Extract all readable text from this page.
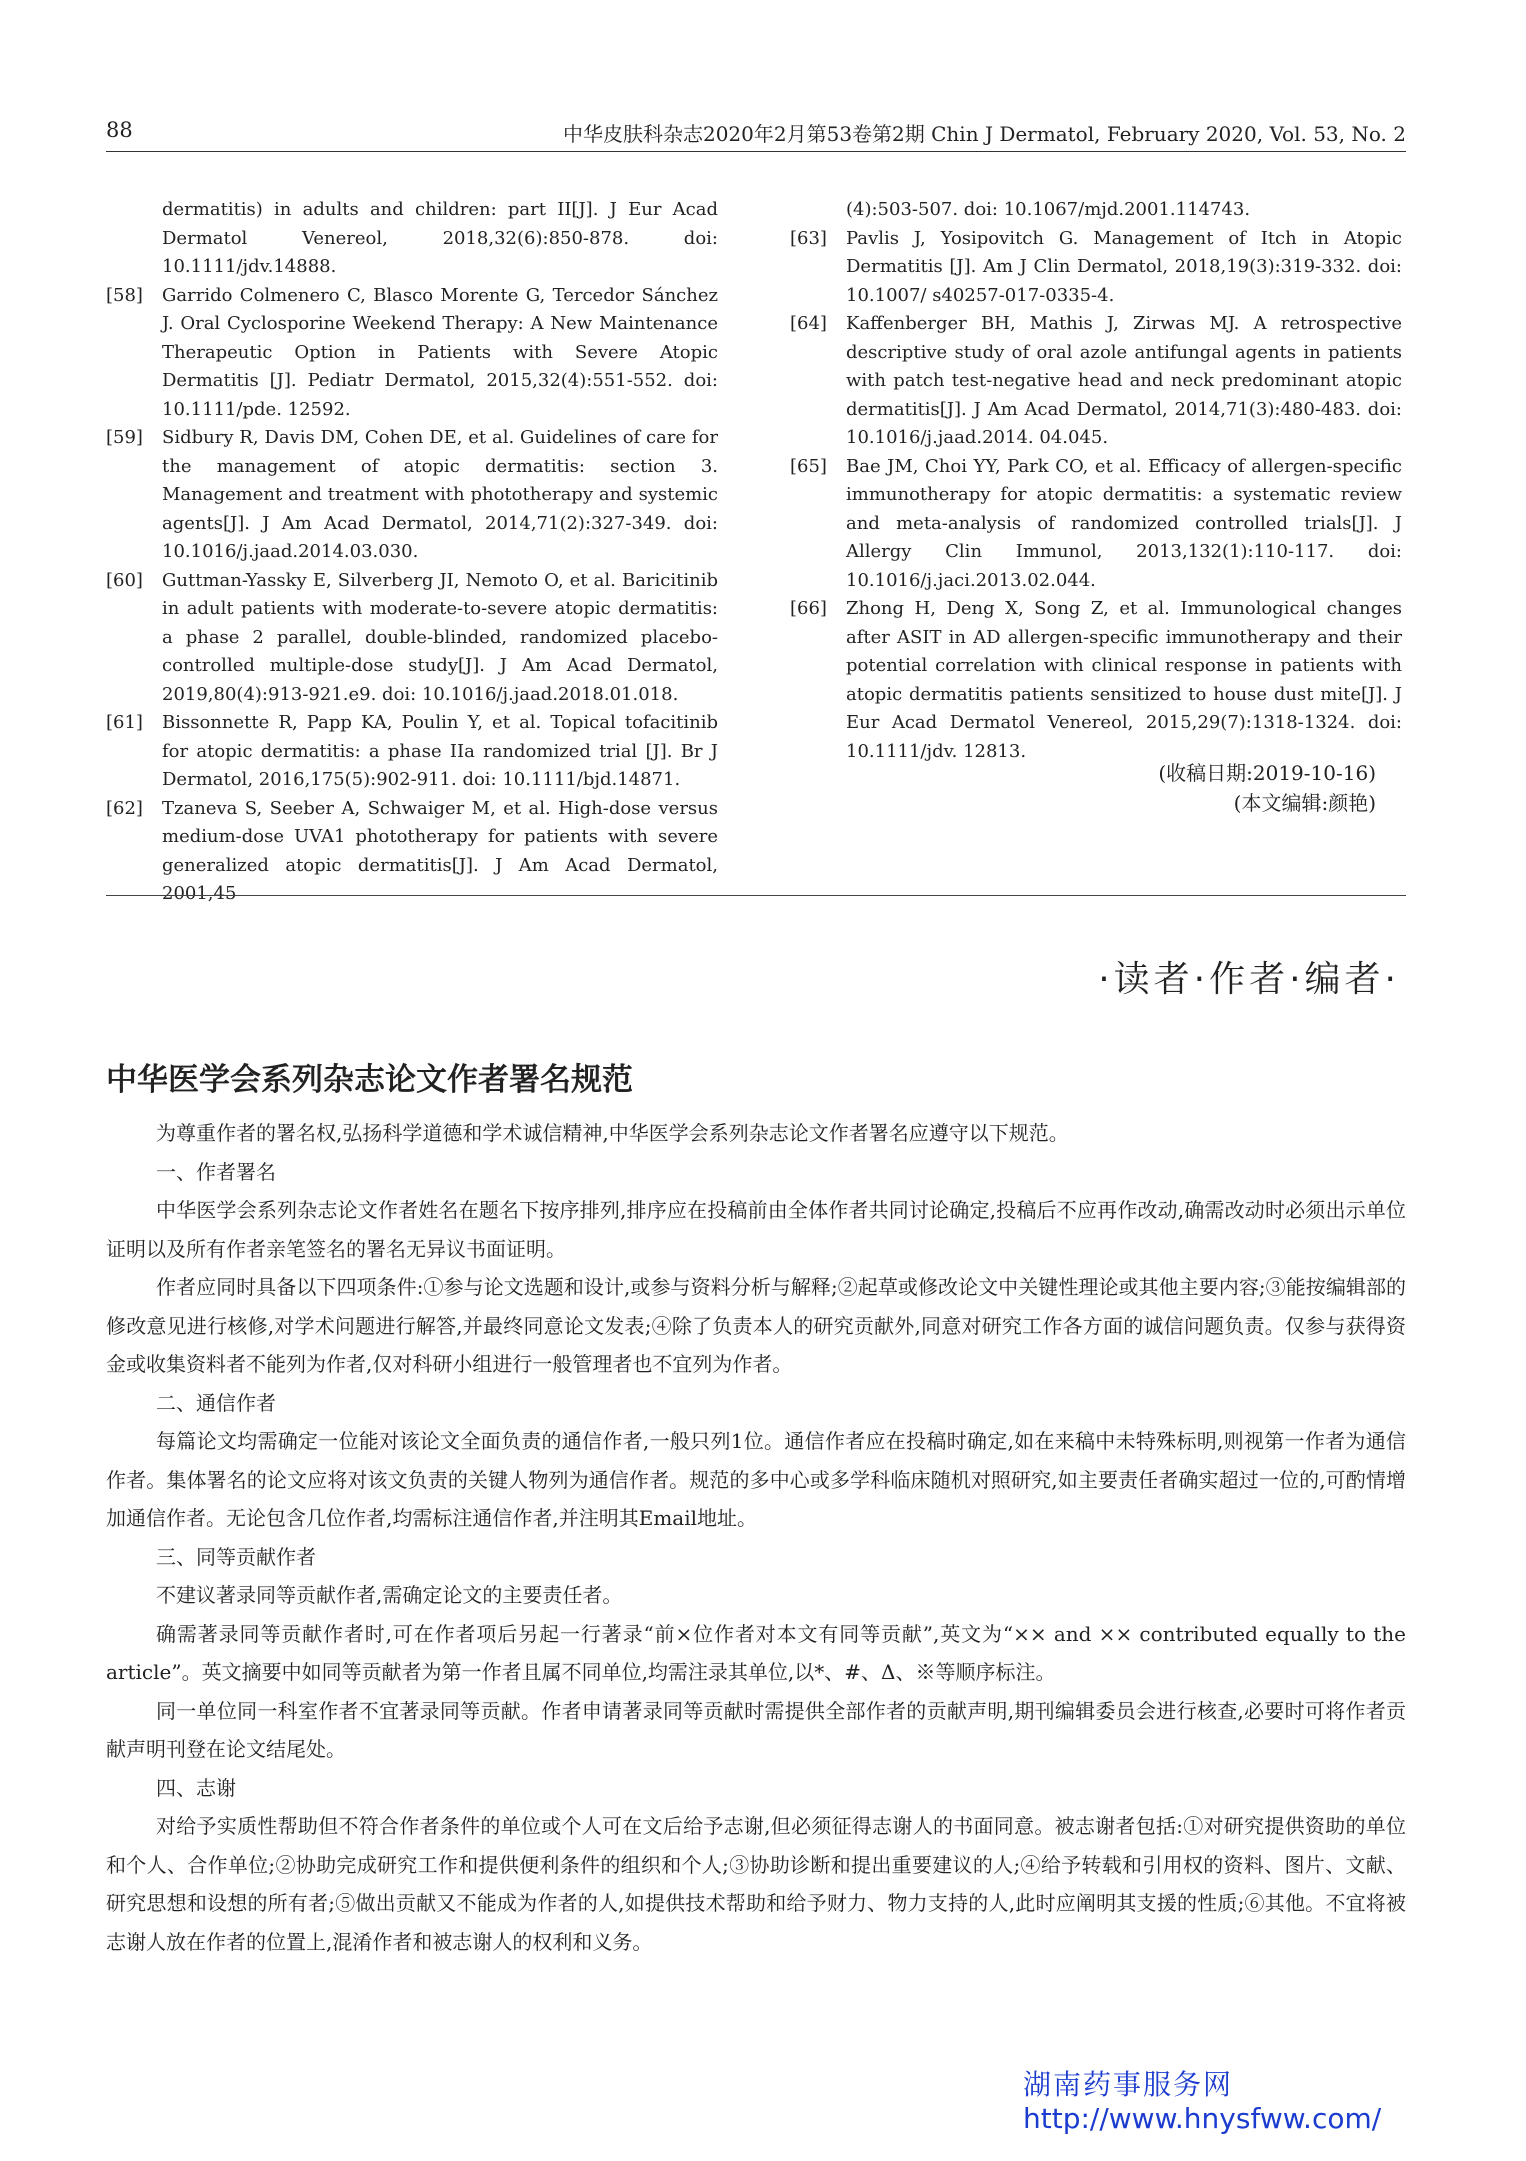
88	中华皮肤科杂志2020年2月第53卷第2期 Chin J Dermatol, February 2020, Vol. 53, No. 2
dermatitis) in adults and children: part II[J]. J Eur Acad Dermatol Venereol, 2018,32(6):850-878. doi: 10.1111/jdv.14888.
[58] Garrido Colmenero C, Blasco Morente G, Tercedor Sánchez J. Oral Cyclosporine Weekend Therapy: A New Maintenance Therapeutic Option in Patients with Severe Atopic Dermatitis [J]. Pediatr Dermatol, 2015,32(4):551-552. doi: 10.1111/pde. 12592.
[59] Sidbury R, Davis DM, Cohen DE, et al. Guidelines of care for the management of atopic dermatitis: section 3. Management and treatment with phototherapy and systemic agents[J]. J Am Acad Dermatol, 2014,71(2):327-349. doi: 10.1016/j.jaad.2014.03.030.
[60] Guttman-Yassky E, Silverberg JI, Nemoto O, et al. Baricitinib in adult patients with moderate-to-severe atopic dermatitis: a phase 2 parallel, double-blinded, randomized placebo-controlled multiple-dose study[J]. J Am Acad Dermatol, 2019,80(4):913-921.e9. doi: 10.1016/j.jaad.2018.01.018.
[61] Bissonnette R, Papp KA, Poulin Y, et al. Topical tofacitinib for atopic dermatitis: a phase IIa randomized trial [J]. Br J Dermatol, 2016,175(5):902-911. doi: 10.1111/bjd.14871.
[62] Tzaneva S, Seeber A, Schwaiger M, et al. High-dose versus medium-dose UVA1 phototherapy for patients with severe generalized atopic dermatitis[J]. J Am Acad Dermatol, 2001,45
(4):503-507. doi: 10.1067/mjd.2001.114743.
[63] Pavlis J, Yosipovitch G. Management of Itch in Atopic Dermatitis [J]. Am J Clin Dermatol, 2018,19(3):319-332. doi: 10.1007/ s40257-017-0335-4.
[64] Kaffenberger BH, Mathis J, Zirwas MJ. A retrospective descriptive study of oral azole antifungal agents in patients with patch test-negative head and neck predominant atopic dermatitis[J]. J Am Acad Dermatol, 2014,71(3):480-483. doi: 10.1016/j.jaad.2014. 04.045.
[65] Bae JM, Choi YY, Park CO, et al. Efficacy of allergen-specific immunotherapy for atopic dermatitis: a systematic review and meta-analysis of randomized controlled trials[J]. J Allergy Clin Immunol, 2013,132(1):110-117. doi: 10.1016/j.jaci.2013.02.044.
[66] Zhong H, Deng X, Song Z, et al. Immunological changes after ASIT in AD allergen-specific immunotherapy and their potential correlation with clinical response in patients with atopic dermatitis patients sensitized to house dust mite[J]. J Eur Acad Dermatol Venereol, 2015,29(7):1318-1324. doi: 10.1111/jdv. 12813.
(收稿日期:2019-10-16)
(本文编辑:颜艳)
·读者·作者·编者·
中华医学会系列杂志论文作者署名规范

为尊重作者的署名权,弘扬科学道德和学术诚信精神,中华医学会系列杂志论文作者署名应遵守以下规范。

一、作者署名

中华医学会系列杂志论文作者姓名在题名下按序排列,排序应在投稿前由全体作者共同讨论确定,投稿后不应再作改动,确需改动时必须出示单位证明以及所有作者亲笔签名的署名无异议书面证明。

作者应同时具备以下四项条件:①参与论文选题和设计,或参与资料分析与解释;②起草或修改论文中关键性理论或其他主要内容;③能按编辑部的修改意见进行核修,对学术问题进行解答,并最终同意论文发表;④除了负责本人的研究贡献外,同意对研究工作各方面的诚信问题负责。仅参与获得资金或收集资料者不能列为作者,仅对科研小组进行一般管理者也不宜列为作者。

二、通信作者

每篇论文均需确定一位能对该论文全面负责的通信作者,一般只列1位。通信作者应在投稿时确定,如在来稿中未特殊标明,则视第一作者为通信作者。集体署名的论文应将对该文负责的关键人物列为通信作者。规范的多中心或多学科临床随机对照研究,如主要责任者确实超过一位的,可酌情增加通信作者。无论包含几位作者,均需标注通信作者,并注明其Email地址。

三、同等贡献作者

不建议著录同等贡献作者,需确定论文的主要责任者。

确需著录同等贡献作者时,可在作者项后另起一行著录“前×位作者对本文有同等贡献”,英文为“×× and ×× contributed equally to the article”。英文摘要中如同等贡献者为第一作者且属不同单位,均需注录其单位,以*、#、Δ、※等顺序标注。

同一单位同一科室作者不宜著录同等贡献。作者申请著录同等贡献时需提供全部作者的贡献声明,期刊编辑委员会进行核查,必要时可将作者贡献声明刊登在论文结尾处。

四、志谢

对给予实质性帮助但不符合作者条件的单位或个人可在文后给予志谢,但必须征得志谢人的书面同意。被志谢者包括:①对研究提供资助的单位和个人、合作单位;②协助完成研究工作和提供便利条件的组织和个人;③协助诊断和提出重要建议的人;④给予转载和引用权的资料、图片、文献、研究思想和设想的所有者;⑤做出贡献又不能成为作者的人,如提供技术帮助和给予财力、物力支持的人,此时应阐明其支援的性质;⑥其他。不宜将被志谢人放在作者的位置上,混淆作者和被志谢人的权利和义务。

湖南药事服务网
http://www.hnysfww.com/
